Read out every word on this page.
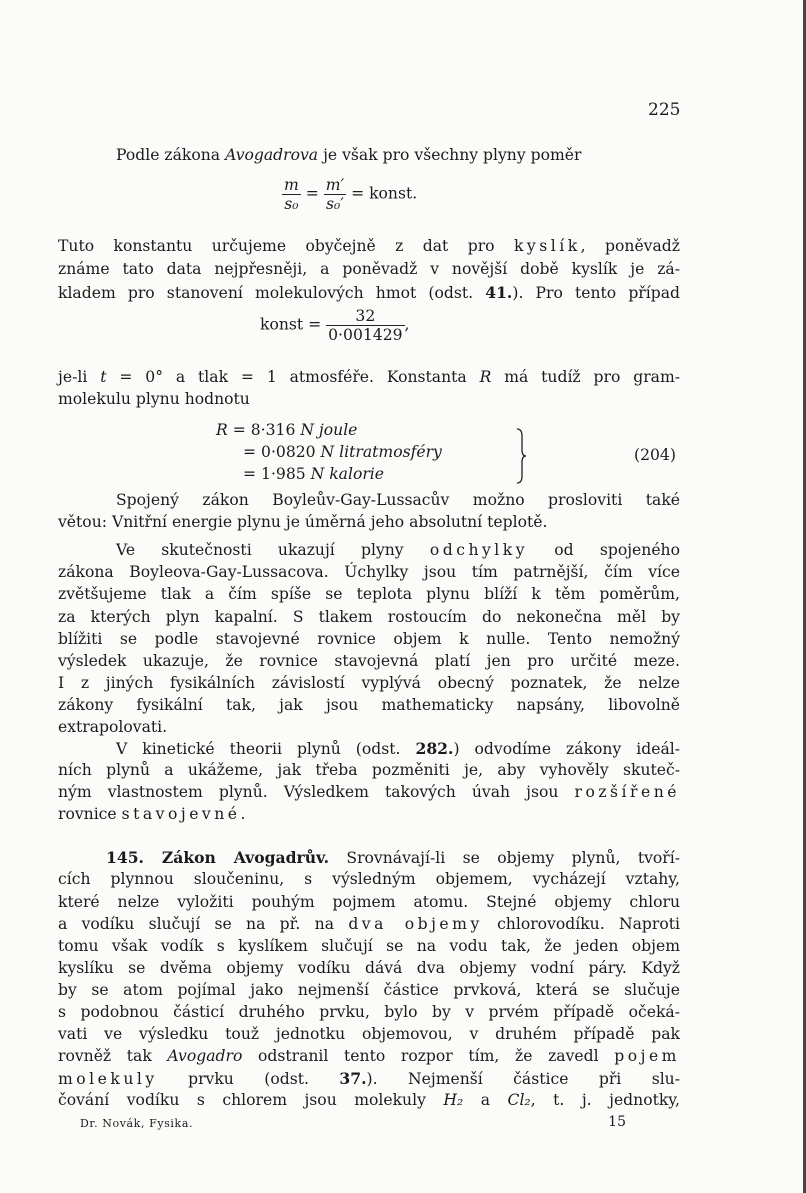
225
Podle zákona Avogadrova je však pro všechny plyny poměr
$\frac{m}{\text{s₀}} = \frac{m'}{\text{s₀′}}$ = konst.
Tuto konstantu určujeme obyčejně z dat pro kyslík, poněvadž
známe tato data nejpřesněji, a poněvadž v novější době kyslík je zá-
kladem pro stanovení molekulových hmot (odst. 41.). Pro tento případ
konst = $\frac{32}{0\cdot 001429}$ ,
je-li t = 0° a tlak = 1 atmosféře. Konstanta R má tudíž pro gram-
molekulu plynu hodnotu
R = 8·316 N joule
= 0·0820 N litratmosféry
= 1·985 N kalorie
(204)
Spojený zákon Boyleův-Gay-Lussacův možno prosloviti také
větou: Vnitřní energie plynu je úměrná jeho absolutní teplotě.
Ve skutečnosti ukazují plyny odchylky od spojeného
zákona Boyleova-Gay-Lussacova. Úchylky jsou tím patrnější, čím více
zvětšujeme tlak a čím spíše se teplota plynu blíží k těm poměrům,
za kterých plyn kapalní. S tlakem rostoucím do nekonečna měl by
blížiti se podle stavojevné rovnice objem k nulle. Tento nemožný
výsledek ukazuje, že rovnice stavojevná platí jen pro určité meze.
I z jiných fysikálních závislostí vyplývá obecný poznatek, že nelze
zákony fysikální tak, jak jsou mathematicky napsány, libovolně
extrapolovati.
V kinetické theorii plynů (odst. 282.) odvodíme zákony ideál-
ních plynů a ukážeme, jak třeba pozměniti je, aby vyhověly skuteč-
ným vlastnostem plynů. Výsledkem takových úvah jsou rozšířené
rovnice stavojevné.
145. Zákon Avogadrův. Srovnávají-li se objemy plynů, tvoří-
cích plynnou sloučeninu, s výsledným objemem, vycházejí vztahy,
které nelze vyložiti pouhým pojmem atomu. Stejné objemy chloru
a vodíku slučují se na př. na dva objemy chlorovodíku. Naproti
tomu však vodík s kyslíkem slučují se na vodu tak, že jeden objem
kyslíku se dvěma objemy vodíku dává dva objemy vodní páry. Když
by se atom pojímal jako nejmenší částice prvková, která se slučuje
s podobnou částicí druhého prvku, bylo by v prvém případě očeká-
vati ve výsledku touž jednotku objemovou, v druhém případě pak
rovněž tak Avogadro odstranil tento rozpor tím, že zavedl pojem
molekuly prvku (odst. 37.). Nejmenší částice při slu-
čování vodíku s chlorem jsou molekuly H₂ a Cl₂, t. j. jednotky,
Dr. Novák, Fysika.	15
